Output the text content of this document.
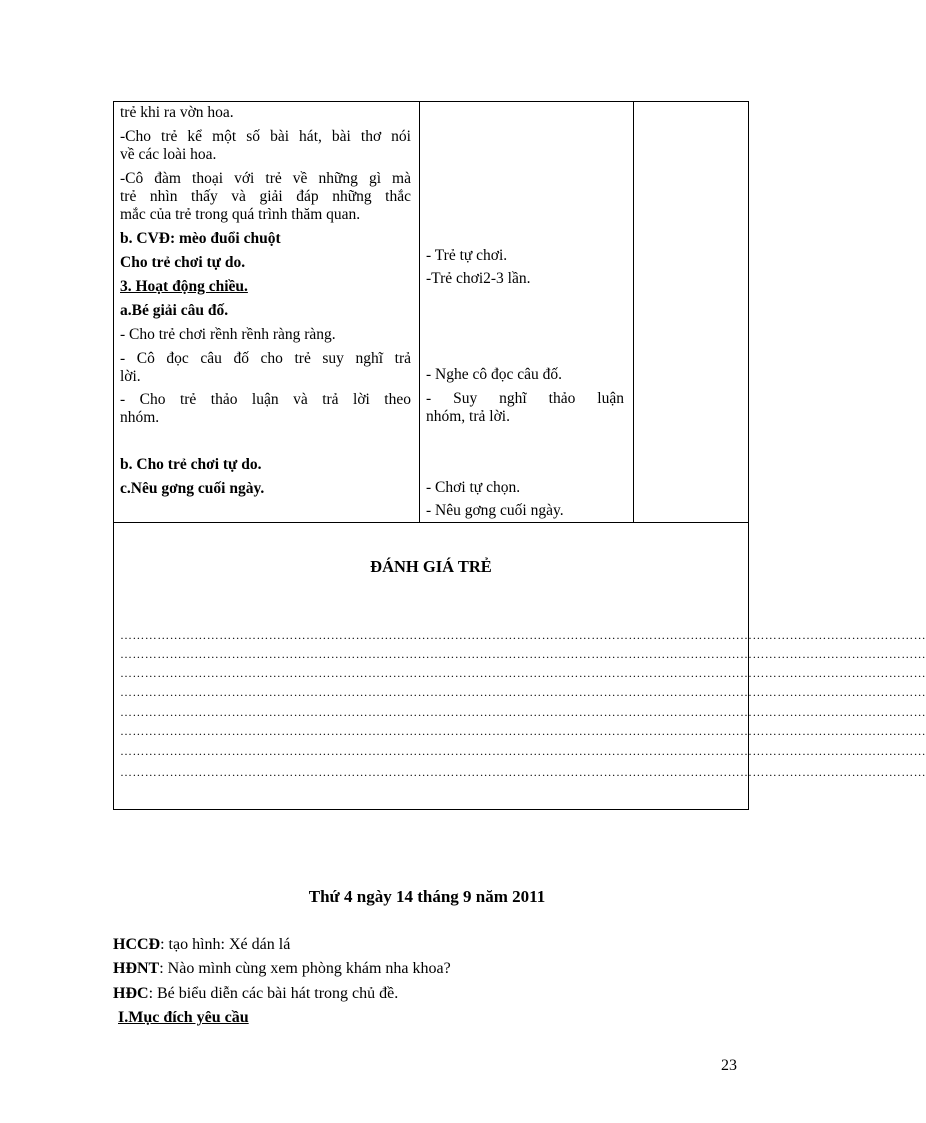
trẻ khi ra vờn hoa.
-Cho trẻ kể một số bài hát, bài thơ nói
về các loài hoa.
-Cô đàm thoại với trẻ về những gì mà
trẻ nhìn thấy và giải đáp những thắc
mắc của trẻ trong quá trình thăm quan.
b. CVĐ: mèo đuổi chuột
Cho trẻ chơi tự do.
3. Hoạt động chiều.
a.Bé giải câu đố.
- Cho trẻ chơi rềnh rềnh ràng ràng.
- Cô đọc câu đố cho trẻ suy nghĩ trả
lời.
- Cho trẻ thảo luận và trả lời theo
nhóm.
b. Cho trẻ chơi tự do.
c.Nêu gơng cuối ngày.
- Trẻ tự chơi.
-Trẻ chơi2-3 lần.
- Nghe cô đọc câu đố.
- Suy nghĩ thảo luận
nhóm, trả lời.
- Chơi tự chọn.
- Nêu gơng cuối ngày.
ĐÁNH GIÁ TRẺ
……………………………………………………………………………………………………………………………………………………………………………
……………………………………………………………………………………………………………………………………………………………………………
……………………………………………………………………………………………………………………………………………………………………………
……………………………………………………………………………………………………………………………………………………………………………
……………………………………………………………………………………………………………………………………………………………………………
……………………………………………………………………………………………………………………………………………………………………………
……………………………………………………………………………………………………………………………………………………………………………
……………………………………………………………………………………………………………………………………………………………………………
Thứ 4 ngày 14 tháng 9 năm 2011
HCCĐ: tạo hình: Xé dán lá
HĐNT: Nào mình cùng xem phòng khám nha khoa?
HĐC: Bé biểu diễn các bài hát trong chủ đề.
I.Mục đích yêu cầu
23
